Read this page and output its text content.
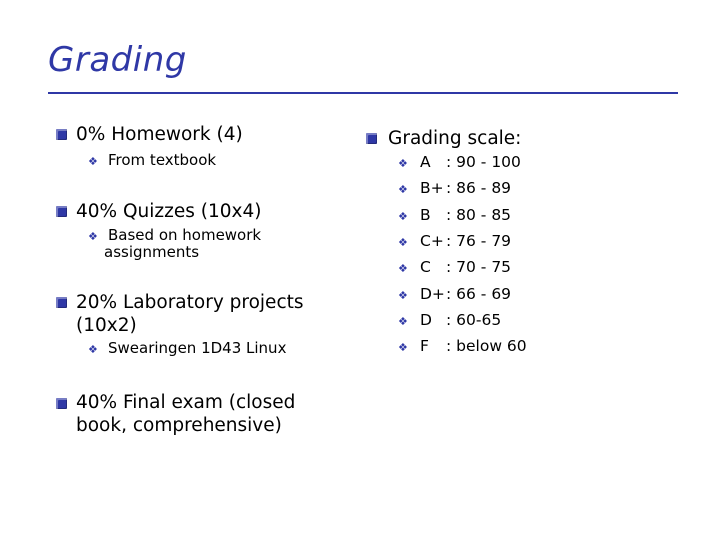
Grading
0% Homework (4)
❖ From textbook
40% Quizzes (10x4)
❖ Based on homework
assignments
20% Laboratory projects
(10x2)
❖ Swearingen 1D43 Linux
40% Final exam (closed
book, comprehensive)
Grading scale:
❖ A : 90 - 100
❖ B+ : 86 - 89
❖ B : 80 - 85
❖ C+ : 76 - 79
❖ C : 70 - 75
❖ D+ : 66 - 69
❖ D : 60-65
❖ F : below 60
